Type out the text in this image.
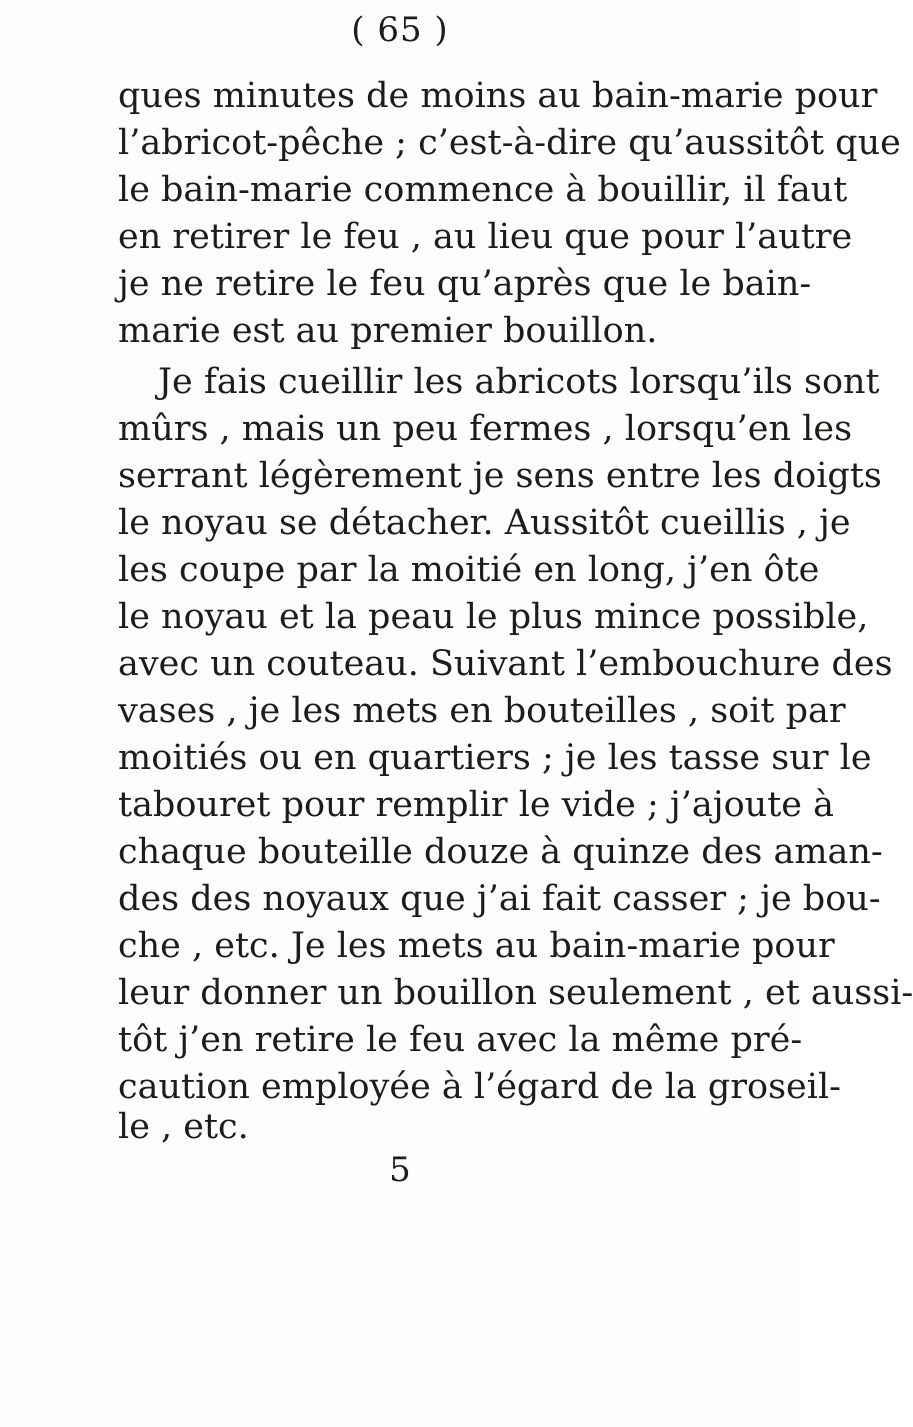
( 65 )
ques minutes de moins au bain-marie pour
l’abricot-pêche ; c’est-à-dire qu’aussitôt que
le bain-marie commence à bouillir, il faut
en retirer le feu , au lieu que pour l’autre
je ne retire le feu qu’après que le bain-
marie est au premier bouillon.
Je fais cueillir les abricots lorsqu’ils sont
mûrs , mais un peu fermes , lorsqu’en les
serrant légèrement je sens entre les doigts
le noyau se détacher. Aussitôt cueillis , je
les coupe par la moitié en long, j’en ôte
le noyau et la peau le plus mince possible,
avec un couteau. Suivant l’embouchure des
vases , je les mets en bouteilles , soit par
moitiés ou en quartiers ; je les tasse sur le
tabouret pour remplir le vide ; j’ajoute à
chaque bouteille douze à quinze des aman-
des des noyaux que j’ai fait casser ; je bou-
che , etc. Je les mets au bain-marie pour
leur donner un bouillon seulement , et aussi-
tôt j’en retire le feu avec la même pré-
caution employée à l’égard de la groseil-
le , etc.
5
